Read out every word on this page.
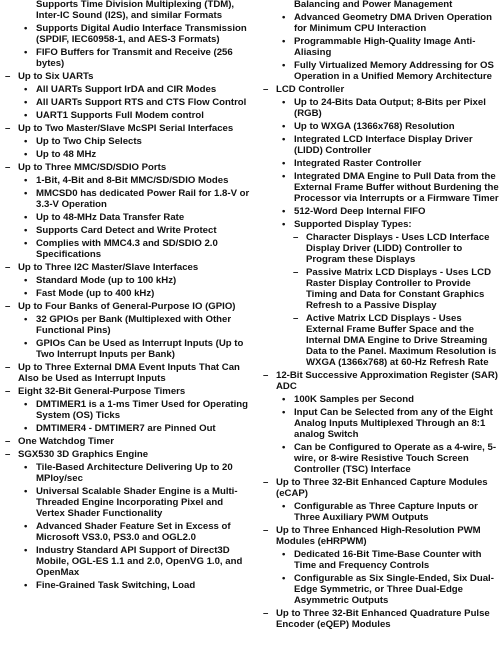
Supports Time Division Multiplexing (TDM), Inter-IC Sound (I2S), and similar Formats
• Supports Digital Audio Interface Transmission (SPDIF, IEC60958-1, and AES-3 Formats)
• FIFO Buffers for Transmit and Receive (256 bytes)
– Up to Six UARTs
• All UARTs Support IrDA and CIR Modes
• All UARTs Support RTS and CTS Flow Control
• UART1 Supports Full Modem control
– Up to Two Master/Slave McSPI Serial Interfaces
• Up to Two Chip Selects
• Up to 48 MHz
– Up to Three MMC/SD/SDIO Ports
• 1-Bit, 4-Bit and 8-Bit MMC/SD/SDIO Modes
• MMCSD0 has dedicated Power Rail for 1.8-V or 3.3-V Operation
• Up to 48-MHz Data Transfer Rate
• Supports Card Detect and Write Protect
• Complies with MMC4.3 and SD/SDIO 2.0 Specifications
– Up to Three I2C Master/Slave Interfaces
• Standard Mode (up to 100 kHz)
• Fast Mode (up to 400 kHz)
– Up to Four Banks of General-Purpose IO (GPIO)
• 32 GPIOs per Bank (Multiplexed with Other Functional Pins)
• GPIOs Can be Used as Interrupt Inputs (Up to Two Interrupt Inputs per Bank)
– Up to Three External DMA Event Inputs That Can Also be Used as Interrupt Inputs
– Eight 32-Bit General-Purpose Timers
• DMTIMER1 is a 1-ms Timer Used for Operating System (OS) Ticks
• DMTIMER4 - DMTIMER7 are Pinned Out
– One Watchdog Timer
– SGX530 3D Graphics Engine
• Tile-Based Architecture Delivering Up to 20 MPloy/sec
• Universal Scalable Shader Engine is a Multi-Threaded Engine Incorporating Pixel and Vertex Shader Functionality
• Advanced Shader Feature Set in Excess of Microsoft VS3.0, PS3.0 and OGL2.0
• Industry Standard API Support of Direct3D Mobile, OGL-ES 1.1 and 2.0, OpenVG 1.0, and OpenMax
• Fine-Grained Task Switching, Load
Balancing and Power Management
• Advanced Geometry DMA Driven Operation for Minimum CPU Interaction
• Programmable High-Quality Image Anti-Aliasing
• Fully Virtualized Memory Addressing for OS Operation in a Unified Memory Architecture
– LCD Controller
• Up to 24-Bits Data Output; 8-Bits per Pixel (RGB)
• Up to WXGA (1366x768) Resolution
• Integrated LCD Interface Display Driver (LIDD) Controller
• Integrated Raster Controller
• Integrated DMA Engine to Pull Data from the External Frame Buffer without Burdening the Processor via Interrupts or a Firmware Timer
• 512-Word Deep Internal FIFO
• Supported Display Types:
– Character Displays - Uses LCD Interface Display Driver (LIDD) Controller to Program these Displays
– Passive Matrix LCD Displays - Uses LCD Raster Display Controller to Provide Timing and Data for Constant Graphics Refresh to a Passive Display
– Active Matrix LCD Displays - Uses External Frame Buffer Space and the Internal DMA Engine to Drive Streaming Data to the Panel. Maximum Resolution is WXGA (1366x768) at 60-Hz Refresh Rate
– 12-Bit Successive Approximation Register (SAR) ADC
• 100K Samples per Second
• Input Can be Selected from any of the Eight Analog Inputs Multiplexed Through an 8:1 analog Switch
• Can be Configured to Operate as a 4-wire, 5-wire, or 8-wire Resistive Touch Screen Controller (TSC) Interface
– Up to Three 32-Bit Enhanced Capture Modules (eCAP)
• Configurable as Three Capture Inputs or Three Auxiliary PWM Outputs
– Up to Three Enhanced High-Resolution PWM Modules (eHRPWM)
• Dedicated 16-Bit Time-Base Counter with Time and Frequency Controls
• Configurable as Six Single-Ended, Six Dual-Edge Symmetric, or Three Dual-Edge Asymmetric Outputs
– Up to Three 32-Bit Enhanced Quadrature Pulse Encoder (eQEP) Modules
